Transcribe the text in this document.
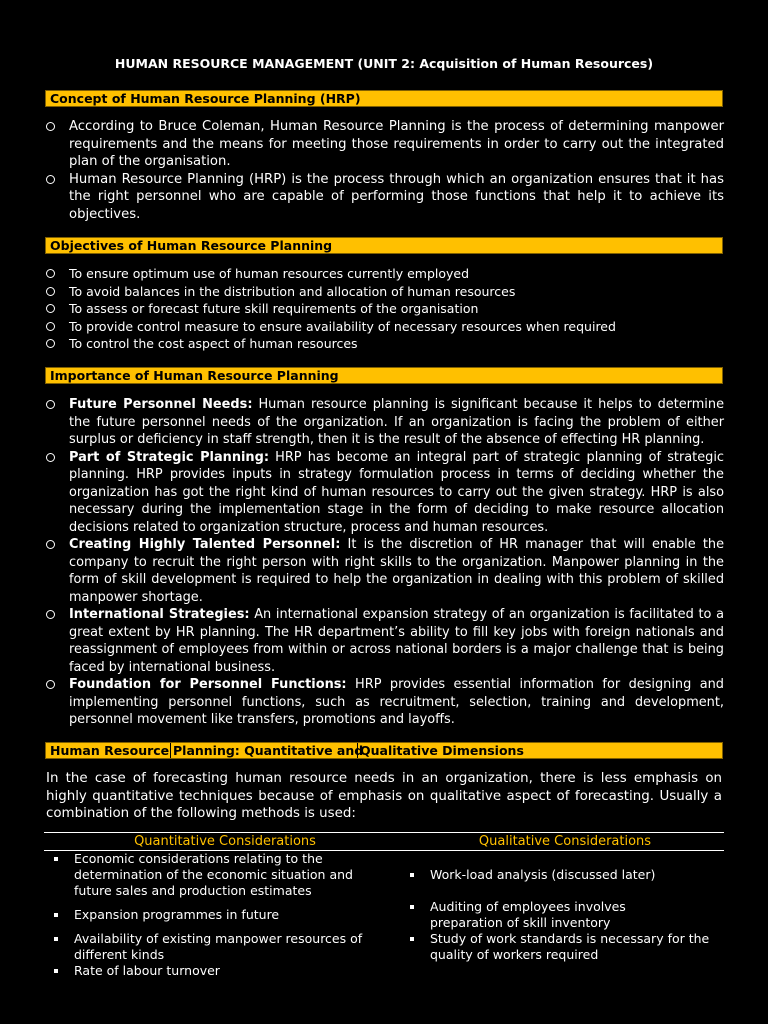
HUMAN RESOURCE MANAGEMENT (UNIT 2: Acquisition of Human Resources)
Concept of Human Resource Planning (HRP)
According to Bruce Coleman, Human Resource Planning is the process of determining manpower requirements and the means for meeting those requirements in order to carry out the integrated plan of the organisation.
Human Resource Planning (HRP) is the process through which an organization ensures that it has the right personnel who are capable of performing those functions that help it to achieve its objectives.
Objectives of Human Resource Planning
To ensure optimum use of human resources currently employed
To avoid balances in the distribution and allocation of human resources
To assess or forecast future skill requirements of the organisation
To provide control measure to ensure availability of necessary resources when required
To control the cost aspect of human resources
Importance of Human Resource Planning
Future Personnel Needs: Human resource planning is significant because it helps to determine the future personnel needs of the organization. If an organization is facing the problem of either surplus or deficiency in staff strength, then it is the result of the absence of effecting HR planning.
Part of Strategic Planning: HRP has become an integral part of strategic planning of strategic planning. HRP provides inputs in strategy formulation process in terms of deciding whether the organization has got the right kind of human resources to carry out the given strategy. HRP is also necessary during the implementation stage in the form of deciding to make resource allocation decisions related to organization structure, process and human resources.
Creating Highly Talented Personnel: It is the discretion of HR manager that will enable the company to recruit the right person with right skills to the organization. Manpower planning in the form of skill development is required to help the organization in dealing with this problem of skilled manpower shortage.
International Strategies: An international expansion strategy of an organization is facilitated to a great extent by HR planning. The HR department’s ability to fill key jobs with foreign nationals and reassignment of employees from within or across national borders is a major challenge that is being faced by international business.
Foundation for Personnel Functions: HRP provides essential information for designing and implementing personnel functions, such as recruitment, selection, training and development, personnel movement like transfers, promotions and layoffs.
Human ResourcePlanning: Quantitative andQualitative Dimensions
In the case of forecasting human resource needs in an organization, there is less emphasis on highly quantitative techniques because of emphasis on qualitative aspect of forecasting. Usually a combination of the following methods is used:
Quantitative Considerations	Qualitative Considerations
Economic considerations relating to the determination of the economic situation and future sales and production estimates
Expansion programmes in future
Availability of existing manpower resources of different kinds
Rate of labour turnover
Work-load analysis (discussed later)
Auditing of employees involves preparation of skill inventory
Study of work standards is necessary for the quality of workers required
